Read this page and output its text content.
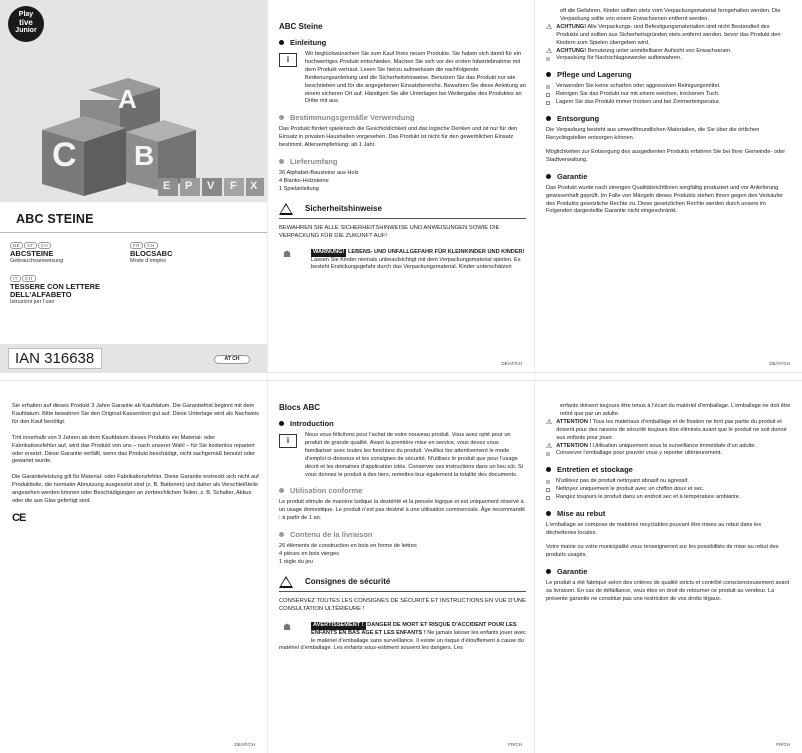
Play
tive
Junior
A
C B
E P V F X
ABC STEINE
DE AT CH
ABCSTEINE
Gebrauchsanweisung
FR CH
BLOCSABC
Mode d’emploi
IT CH
TESSERE CON LETTERE DELL’ALFABETO
Istruzioni per l’uso
IAN 316638	AT CH
ABC Steine
Einleitung
i
Wir beglückwünschen Sie zum Kauf Ihres neuen Produkts. Sie haben sich damit für ein hochwertiges Produkt entschieden. Machen Sie sich vor der ersten Inbetriebnahme mit dem Produkt vertraut. Lesen Sie hierzu aufmerksam die nachfolgende Bedienungsanleitung und die Sicherheitshinweise. Benutzen Sie das Produkt nur wie beschrieben und für die angegebenen Einsatzbereiche. Bewahren Sie diese Anleitung an einem sicheren Ort auf. Händigen Sie alle Unterlagen bei Weitergabe des Produktes an Dritte mit aus.
Bestimmungsgemäße Verwendung
Das Produkt fördert spielerisch die Geschicklichkeit und das logische Denken und ist nur für den Einsatz in privaten Haushalten vorgesehen. Das Produkt ist nicht für den gewerblichen Einsatz bestimmt. Altersempfehlung: ab 1 Jahr.
Lieferumfang
26 Alphabet-Bausteine aus Holz
4 Blanko-Holzsteine
1 Spielanleitung
Sicherheitshinweise
BEWAHREN SIE ALLE SICHERHEITSHINWEISE UND ANWEISUNGEN SOWIE DIE VERPACKUNG FÜR DIE ZUKUNFT AUF!
☗	WARNUNG! LEBENS- UND UNFALLGEFAHR FÜR KLEINKINDER UND KINDER! Lassen Sie Kinder niemals unbeaufsichtigt mit dem Verpackungsmaterial spielen. Es besteht Erstickungsgefahr durch das Verpackungsmaterial. Kinder unterschätzen
DE/AT/CH
oft die Gefahren. Kinder sollten stets vom Verpackungsmaterial ferngehalten werden. Die Verpackung sollte von einem Erwachsenen entfernt werden.
⚠ ACHTUNG! Alle Verpackungs- und Befestigungsmaterialien sind nicht Bestandteil des Produkts und sollten aus Sicherheitsgründen stets entfernt werden, bevor das Produkt den Kindern zum Spielen übergeben wird.
⚠ ACHTUNG! Benutzung unter unmittelbarer Aufsicht von Erwachsenen.
Verpackung für Nachschlagezwecke aufbewahren.
Pflege und Lagerung
Verwenden Sie keine scharfen oder aggressiven Reinigungsmittel.
Reinigen Sie das Produkt nur mit einem weichen, trockenen Tuch.
Lagern Sie das Produkt immer trocken und bei Zimmertemperatur.
Entsorgung
Die Verpackung besteht aus umweltfreundlichen Materialien, die Sie über die örtlichen Recyclingstellen entsorgen können.
Möglichkeiten zur Entsorgung des ausgedienten Produkts erfahren Sie bei Ihrer Gemeinde- oder Stadtverwaltung.
Garantie
Das Produkt wurde nach strengen Qualitätsrichtlinien sorgfältig produziert und vor Anlieferung gewissenhaft geprüft. Im Falle von Mängeln dieses Produkts stehen Ihnen gegen den Verkäufer des Produkts gesetzliche Rechte zu. Diese gesetzlichen Rechte werden durch unsere im Folgenden dargestellte Garantie nicht eingeschränkt.
DE/AT/CH
Sie erhalten auf dieses Produkt 3 Jahre Garantie ab Kaufdatum. Die Garantiefrist beginnt mit dem Kaufdatum. Bitte bewahren Sie den Original-Kassenbon gut auf. Diese Unterlage wird als Nachweis für den Kauf benötigt.
Tritt innerhalb von 3 Jahren ab dem Kaufdatum dieses Produkts ein Material- oder Fabrikationsfehler auf, wird das Produkt von uns – nach unserer Wahl – für Sie kostenlos repariert oder ersetzt. Diese Garantie verfällt, wenn das Produkt beschädigt, nicht sachgemäß benutzt oder gewartet wurde.
Die Garantieleistung gilt für Material- oder Fabrikationsfehler. Diese Garantie erstreckt sich nicht auf Produktteile, die normaler Abnutzung ausgesetzt sind (z. B. Batterien) und daher als Verschleißteile angesehen werden können oder Beschädigungen an zerbrechlichen Teilen, z. B. Schalter, Akkus oder die aus Glas gefertigt sind.
CE
DE/AT/CH
Blocs ABC
Introduction
i
Nous vous félicitons pour l’achat de votre nouveau produit. Vous avez opté pour un produit de grande qualité. Avant la première mise en service, vous devez vous familiariser avec toutes les fonctions du produit. Veuillez lire attentivement le mode d’emploi ci-dessous et les consignes de sécurité. N’utilisez le produit que pour l’usage décrit et les domaines d’application cités. Conserver ces instructions dans un lieu sûr. Si vous donnez le produit à des tiers, remettez-leur également la totalité des documents.
Utilisation conforme
Le produit stimule de manière ludique la dextérité et la pensée logique et est uniquement réservé à un usage domestique. Le produit n’est pas destiné à une utilisation commerciale. Âge recommandé : à partir de 1 an.
Contenu de la livraison
26 éléments de construction en bois en forme de lettres
4 pièces en bois vierges
1 règle du jeu
Consignes de sécurité
CONSERVEZ TOUTES LES CONSIGNES DE SÉCURITÉ ET INSTRUCTIONS EN VUE D’UNE CONSULTATION ULTÉRIEURE !
☗	AVERTISSEMENT ! DANGER DE MORT ET RISQUE D’ACCIDENT POUR LES ENFANTS EN BAS ÂGE ET LES ENFANTS ! Ne jamais laisser les enfants jouer avec le matériel d’emballage sans surveillance. Il existe un risque d’étouffement à cause du matériel d’emballage. Les enfants sous-estiment souvent les dangers. Les
FR/CH
enfants doivent toujours être tenus à l’écart du matériel d’emballage. L’emballage ne doit être retiré que par un adulte.
⚠ ATTENTION ! Tous les matériaux d’emballage et de fixation ne font pas partie du produit et doivent pour des raisons de sécurité toujours être éliminés avant que le produit ne soit donné aux enfants pour jouer.
⚠ ATTENTION ! Utilisation uniquement sous la surveillance immédiate d’un adulte.
Conserver l’emballage pour pouvoir vous y reporter ultérieurement.
Entretien et stockage
N’utilisez pas de produit nettoyant abrasif ou agressif.
Nettoyez uniquement le produit avec un chiffon doux et sec.
Rangez toujours le produit dans un endroit sec et à température ambiante.
Mise au rebut
L’emballage se compose de matières recyclables pouvant être mises au rebut dans les déchetteries locales.
Votre mairie ou votre municipalité vous renseigneront sur les possibilités de mise au rebut des produits usagés.
Garantie
Le produit a été fabriqué selon des critères de qualité stricts et contrôlé consciencieusement avant sa livraison. En cas de défaillance, vous êtes en droit de retourner ce produit au vendeur. La présente garantie ne constitue pas une restriction de vos droits légaux.
FR/CH
